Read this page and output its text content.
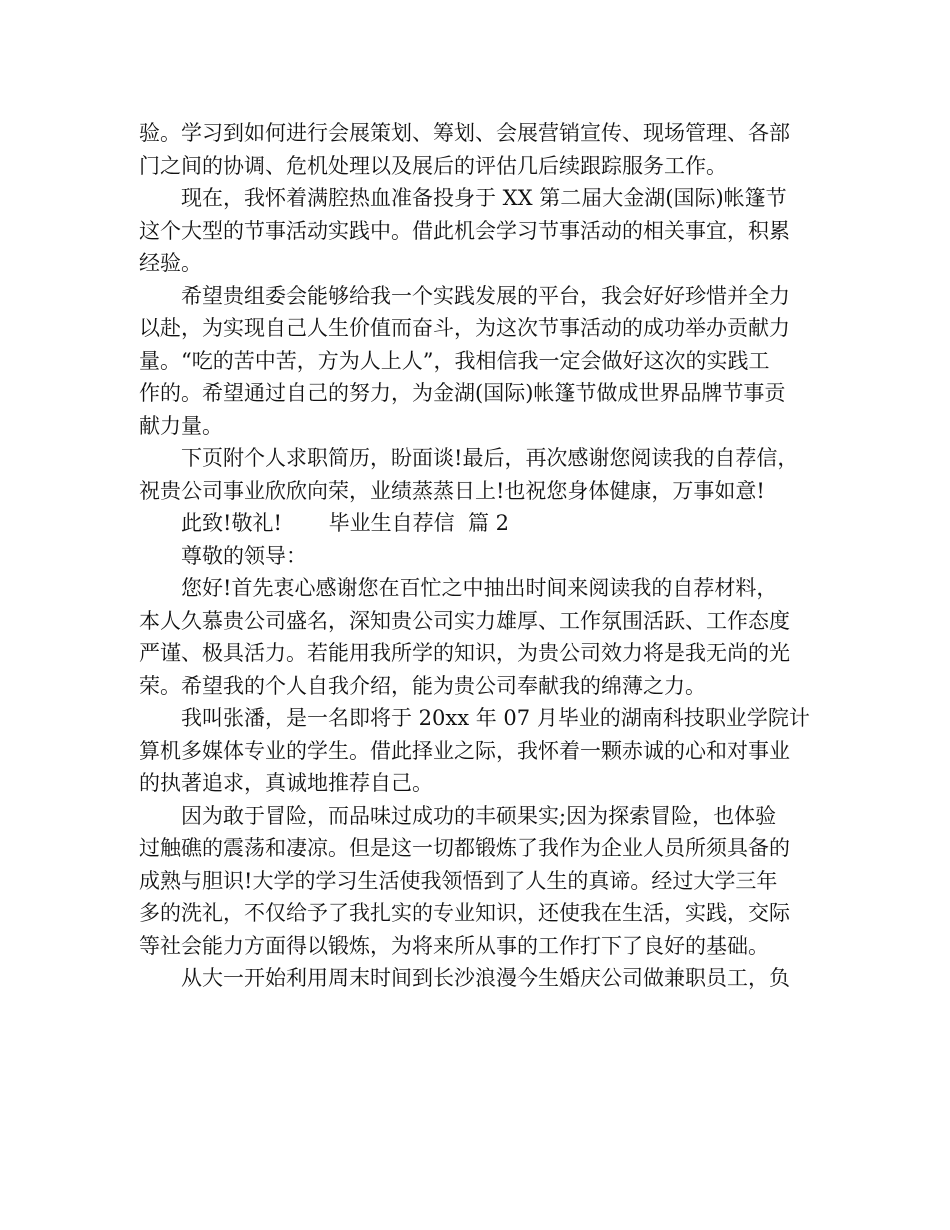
验。学习到如何进行会展策划、筹划、会展营销宣传、现场管理、各部
门之间的协调、危机处理以及展后的评估几后续跟踪服务工作。
现在，我怀着满腔热血准备投身于 XX 第二届大金湖(国际)帐篷节
这个大型的节事活动实践中。借此机会学习节事活动的相关事宜，积累
经验。
希望贵组委会能够给我一个实践发展的平台，我会好好珍惜并全力
以赴，为实现自己人生价值而奋斗，为这次节事活动的成功举办贡献力
量。“吃的苦中苦，方为人上人”，我相信我一定会做好这次的实践工
作的。希望通过自己的努力，为金湖(国际)帐篷节做成世界品牌节事贡
献力量。
下页附个人求职简历，盼面谈!最后，再次感谢您阅读我的自荐信，
祝贵公司事业欣欣向荣，业绩蒸蒸日上!也祝您身体健康，万事如意!
此致!敬礼!       毕业生自荐信  篇 2
尊敬的领导：
您好!首先衷心感谢您在百忙之中抽出时间来阅读我的自荐材料，
本人久慕贵公司盛名，深知贵公司实力雄厚、工作氛围活跃、工作态度
严谨、极具活力。若能用我所学的知识，为贵公司效力将是我无尚的光
荣。希望我的个人自我介绍，能为贵公司奉献我的绵薄之力。
我叫张潘，是一名即将于 20xx 年 07 月毕业的湖南科技职业学院计
算机多媒体专业的学生。借此择业之际，我怀着一颗赤诚的心和对事业
的执著追求，真诚地推荐自己。
因为敢于冒险，而品味过成功的丰硕果实;因为探索冒险，也体验
过触礁的震荡和凄凉。但是这一切都锻炼了我作为企业人员所须具备的
成熟与胆识!大学的学习生活使我领悟到了人生的真谛。经过大学三年
多的洗礼，不仅给予了我扎实的专业知识，还使我在生活，实践，交际
等社会能力方面得以锻炼，为将来所从事的工作打下了良好的基础。
从大一开始利用周末时间到长沙浪漫今生婚庆公司做兼职员工，负
